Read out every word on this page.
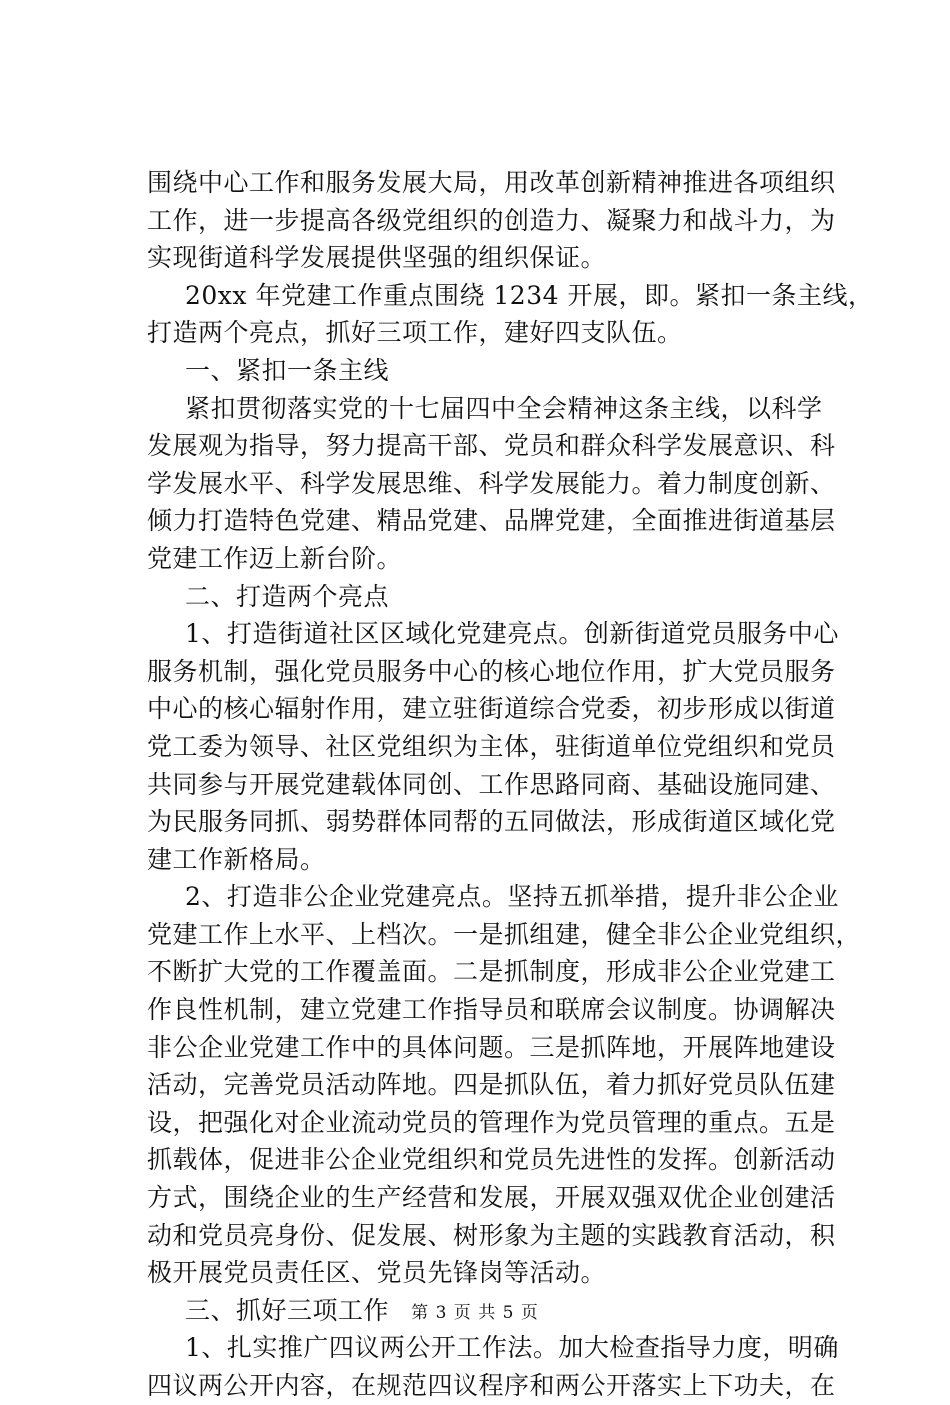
围绕中心工作和服务发展大局，用改革创新精神推进各项组织
工作，进一步提高各级党组织的创造力、凝聚力和战斗力，为
实现街道科学发展提供坚强的组织保证。
20xx 年党建工作重点围绕 1234 开展，即。紧扣一条主线，
打造两个亮点，抓好三项工作，建好四支队伍。
一、紧扣一条主线
紧扣贯彻落实党的十七届四中全会精神这条主线，以科学
发展观为指导，努力提高干部、党员和群众科学发展意识、科
学发展水平、科学发展思维、科学发展能力。着力制度创新、
倾力打造特色党建、精品党建、品牌党建，全面推进街道基层
党建工作迈上新台阶。
二、打造两个亮点
1、打造街道社区区域化党建亮点。创新街道党员服务中心
服务机制，强化党员服务中心的核心地位作用，扩大党员服务
中心的核心辐射作用，建立驻街道综合党委，初步形成以街道
党工委为领导、社区党组织为主体，驻街道单位党组织和党员
共同参与开展党建载体同创、工作思路同商、基础设施同建、
为民服务同抓、弱势群体同帮的五同做法，形成街道区域化党
建工作新格局。
2、打造非公企业党建亮点。坚持五抓举措，提升非公企业
党建工作上水平、上档次。一是抓组建，健全非公企业党组织，
不断扩大党的工作覆盖面。二是抓制度，形成非公企业党建工
作良性机制，建立党建工作指导员和联席会议制度。协调解决
非公企业党建工作中的具体问题。三是抓阵地，开展阵地建设
活动，完善党员活动阵地。四是抓队伍，着力抓好党员队伍建
设，把强化对企业流动党员的管理作为党员管理的重点。五是
抓载体，促进非公企业党组织和党员先进性的发挥。创新活动
方式，围绕企业的生产经营和发展，开展双强双优企业创建活
动和党员亮身份、促发展、树形象为主题的实践教育活动，积
极开展党员责任区、党员先锋岗等活动。
三、抓好三项工作
1、扎实推广四议两公开工作法。加大检查指导力度，明确
四议两公开内容，在规范四议程序和两公开落实上下功夫，在
第 3 页 共 5 页
